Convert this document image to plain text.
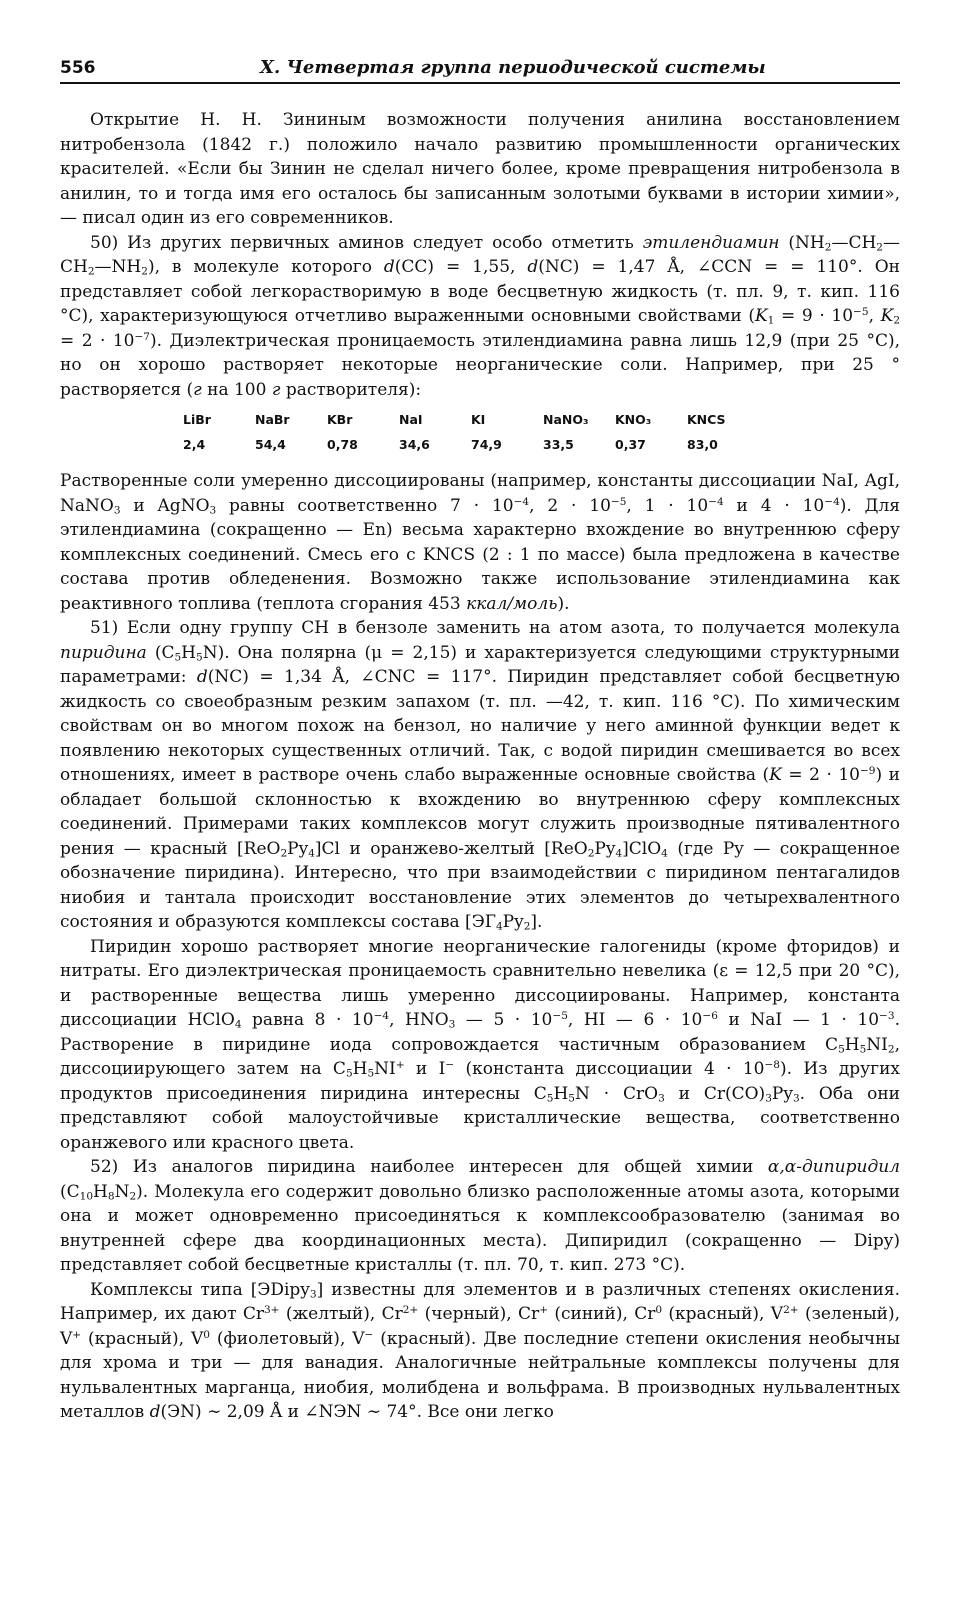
556	X. Четвертая группа периодической системы

Открытие Н. Н. Зининым возможности получения анилина восстановлением нитробензола (1842 г.) положило начало развитию промышленности органических красителей. «Если бы Зинин не сделал ничего более, кроме превращения нитробензола в анилин, то и тогда имя его осталось бы записанным золотыми буквами в истории химии», — писал один из его современников.

50) Из других первичных аминов следует особо отметить этилендиамин $(NH_2—CH_2—CH_2—NH_2)$, в молекуле которого d(CC) = 1,55, d(NC) = 1,47 Å, ∠CCN = = 110°. Он представляет собой легкорастворимую в воде бесцветную жидкость (т. пл. 9, т. кип. 116 °C), характеризующуюся отчетливо выраженными основными свойствами ($K_1 = 9 \cdot 10^{-5}$, $K_2 = 2 \cdot 10^{-7}$). Диэлектрическая проницаемость этилендиамина равна лишь 12,9 (при 25 °C), но он хорошо растворяет некоторые неорганические соли. Например, при 25 ° растворяется (г на 100 г растворителя):

LiBr	NaBr	KBr	NaI	KI	NaNO₃	KNO₃	KNCS
2,4	54,4	0,78	34,6	74,9	33,5	0,37	83,0

Растворенные соли умеренно диссоциированы (например, константы диссоциации NaI, AgI, NaNO$_3$ и AgNO$_3$ равны соответственно $7 \cdot 10^{-4}$, $2 \cdot 10^{-5}$, $1 \cdot 10^{-4}$ и $4 \cdot 10^{-4}$). Для этилендиамина (сокращенно — En) весьма характерно вхождение во внутреннюю сферу комплексных соединений. Смесь его с KNCS (2 : 1 по массе) была предложена в качестве состава против обледенения. Возможно также использование этилендиамина как реактивного топлива (теплота сгорания 453 ккал/моль).

51) Если одну группу CH в бензоле заменить на атом азота, то получается молекула пиридина $(C_5H_5N)$. Она полярна (μ = 2,15) и характеризуется следующими структурными параметрами: d(NC) = 1,34 Å, ∠CNC = 117°. Пиридин представляет собой бесцветную жидкость со своеобразным резким запахом (т. пл. —42, т. кип. 116 °C). По химическим свойствам он во многом похож на бензол, но наличие у него аминной функции ведет к появлению некоторых существенных отличий. Так, с водой пиридин смешивается во всех отношениях, имеет в растворе очень слабо выраженные основные свойства $(K = 2 \cdot 10^{-9})$ и обладает большой склонностью к вхождению во внутреннюю сферу комплексных соединений. Примерами таких комплексов могут служить производные пятивалентного рения — красный $[ReO_2Py_4]Cl$ и оранжево-желтый $[ReO_2Py_4]ClO_4$ (где Py — сокращенное обозначение пиридина). Интересно, что при взаимодействии с пиридином пентагалидов ниобия и тантала происходит восстановление этих элементов до четырехвалентного состояния и образуются комплексы состава $[ЭГ_4Py_2]$.

Пиридин хорошо растворяет многие неорганические галогениды (кроме фторидов) и нитраты. Его диэлектрическая проницаемость сравнительно невелика (ε = 12,5 при 20 °C), и растворенные вещества лишь умеренно диссоциированы. Например, константа диссоциации HClO$_4$ равна $8 \cdot 10^{-4}$, $HNO_3$ — $5 \cdot 10^{-5}$, HI — $6 \cdot 10^{-6}$ и NaI — $1 \cdot 10^{-3}$. Растворение в пиридине иода сопровождается частичным образованием $C_5H_5NI_2$, диссоциирующего затем на $C_5H_5NI^+$ и I− (константа диссоциации $4 \cdot 10^{-8}$). Из других продуктов присоединения пиридина интересны $C_5H_5N \cdot CrO_3$ и $Cr(CO)_3Py_3$. Оба они представляют собой малоустойчивые кристаллические вещества, соответственно оранжевого или красного цвета.

52) Из аналогов пиридина наиболее интересен для общей химии α,α-дипиридил $(C_{10}H_8N_2)$. Молекула его содержит довольно близко расположенные атомы азота, которыми она и может одновременно присоединяться к комплексообразователю (занимая во внутренней сфере два координационных места). Дипиридил (сокращенно — Dipy) представляет собой бесцветные кристаллы (т. пл. 70, т. кип. 273 °C).

Комплексы типа [ЭDipy$_3$] известны для элементов и в различных степенях окисления. Например, их дают $Cr^{3+}$ (желтый), $Cr^{2+}$ (черный), Cr+ (синий), Cr$^0$ (красный), $V^{2+}$ (зеленый), V+ (красный), $V^0$ (фиолетовый), V− (красный). Две последние степени окисления необычны для хрома и три — для ванадия. Аналогичные нейтральные комплексы получены для нульвалентных марганца, ниобия, молибдена и вольфрама. В производных нульвалентных металлов d(ЭN) ∼ 2,09 Å и ∠NЭN ∼ 74°. Все они легко
